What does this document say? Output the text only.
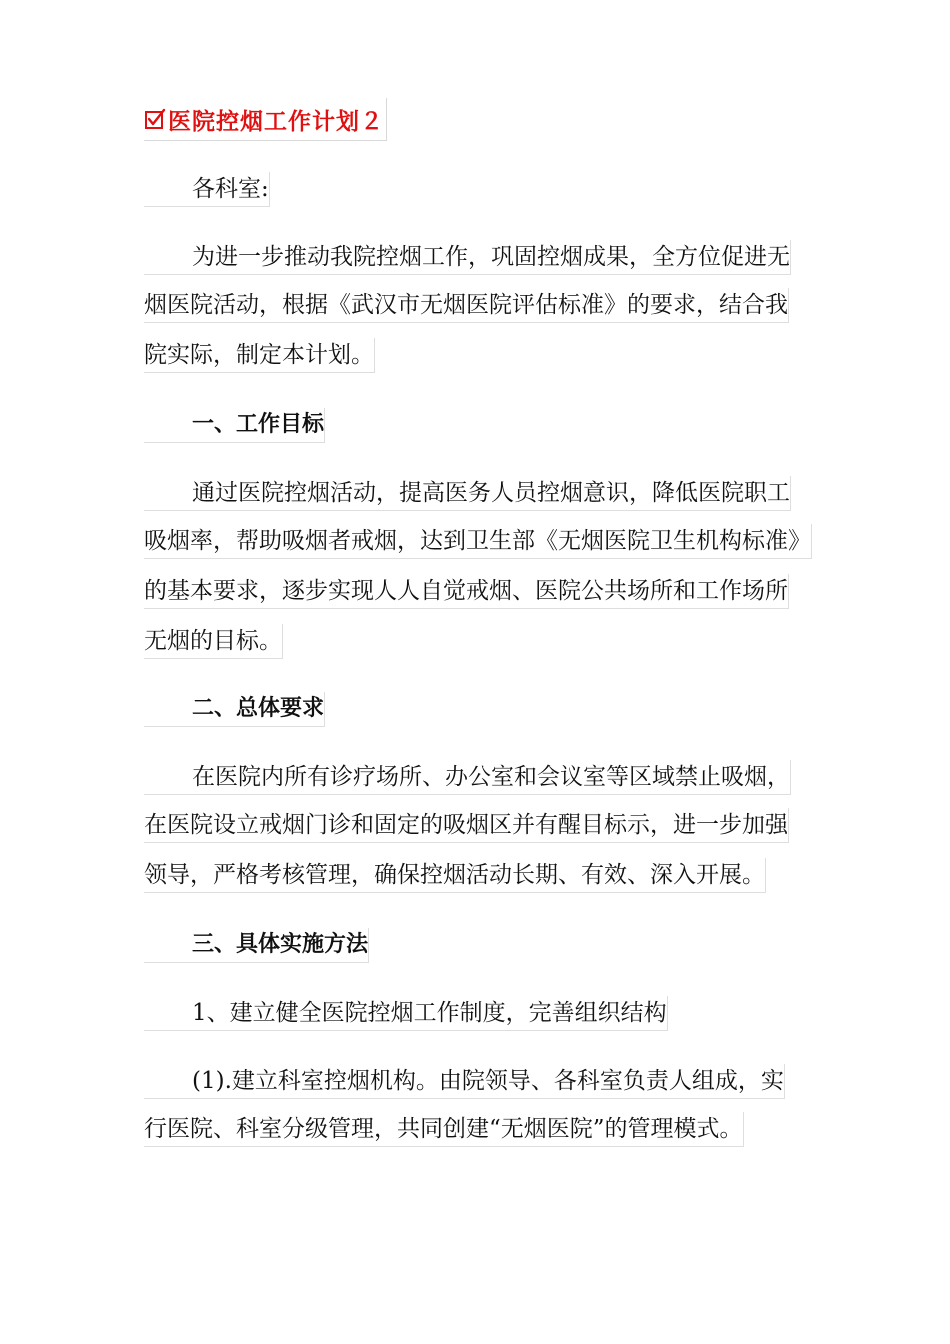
医院控烟工作计划２
各科室:
为进一步推动我院控烟工作，巩固控烟成果，全方位促进无
烟医院活动，根据《武汉市无烟医院评估标准》的要求，结合我
院实际，制定本计划。
一、工作目标
通过医院控烟活动，提高医务人员控烟意识，降低医院职工
吸烟率，帮助吸烟者戒烟，达到卫生部《无烟医院卫生机构标准》
的基本要求，逐步实现人人自觉戒烟、医院公共场所和工作场所
无烟的目标。
二、总体要求
在医院内所有诊疗场所、办公室和会议室等区域禁止吸烟，
在医院设立戒烟门诊和固定的吸烟区并有醒目标示，进一步加强
领导，严格考核管理，确保控烟活动长期、有效、深入开展。
三、具体实施方法
1、建立健全医院控烟工作制度，完善组织结构
(1).建立科室控烟机构。由院领导、各科室负责人组成，实
行医院、科室分级管理，共同创建“无烟医院”的管理模式。
